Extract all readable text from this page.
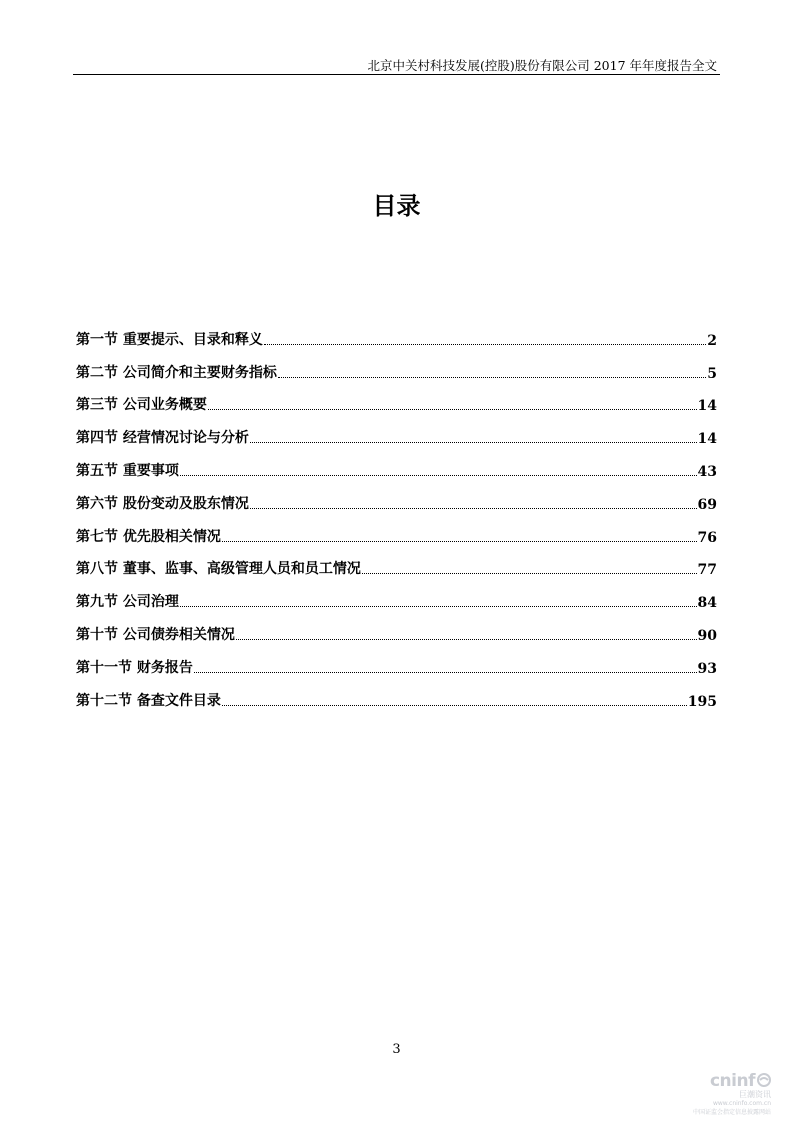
北京中关村科技发展(控股)股份有限公司 2017 年年度报告全文
目录
第一节 重要提示、目录和释义	2
第二节 公司简介和主要财务指标	5
第三节 公司业务概要	14
第四节 经营情况讨论与分析	14
第五节 重要事项	43
第六节 股份变动及股东情况	69
第七节 优先股相关情况	76
第八节 董事、监事、高级管理人员和员工情况	77
第九节 公司治理	84
第十节 公司债券相关情况	90
第十一节 财务报告	93
第十二节 备查文件目录	195
3
cninf
巨潮资讯
www.cninfo.com.cn
中国证监会指定信息披露网站
